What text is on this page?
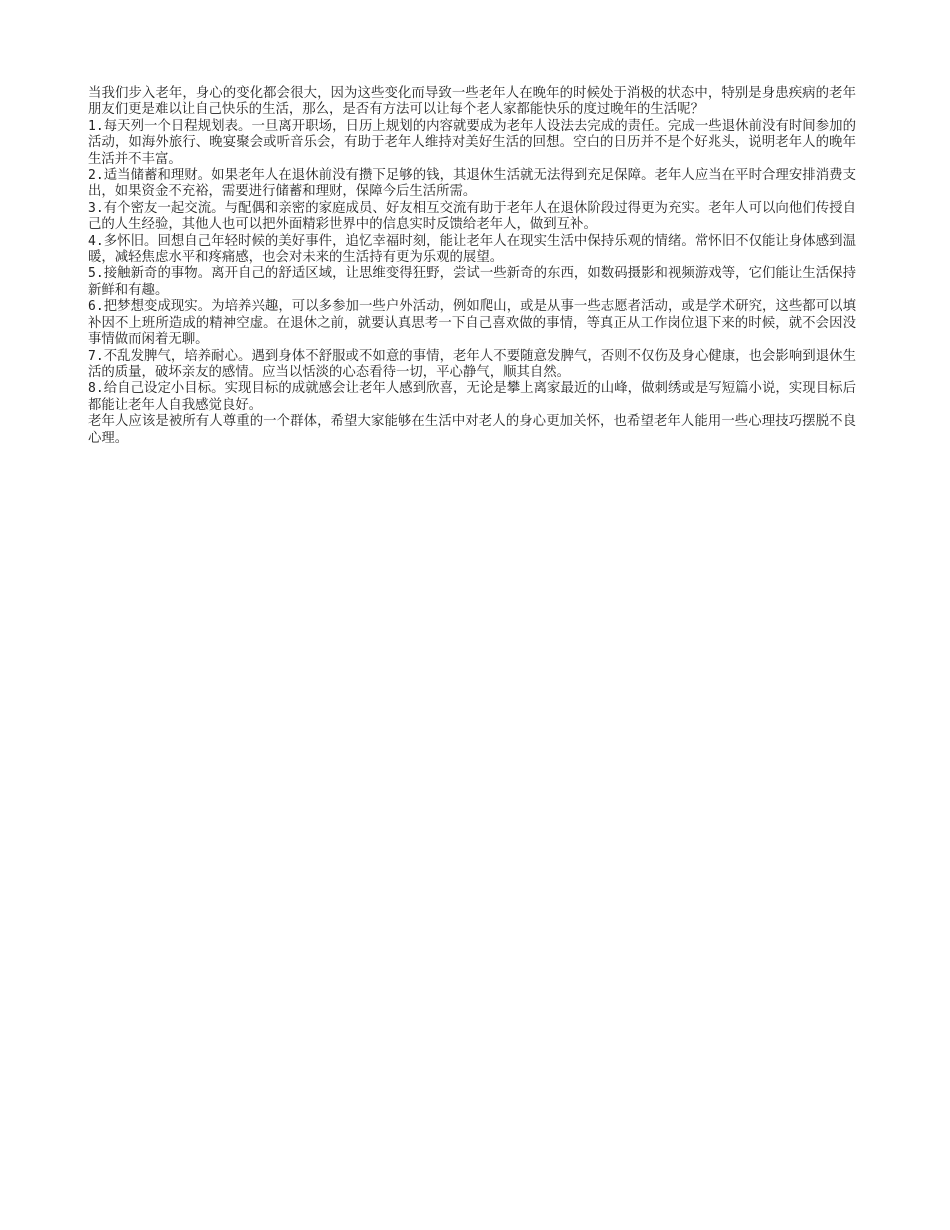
当我们步入老年，身心的变化都会很大，因为这些变化而导致一些老年人在晚年的时候处于消极的状态中，特别是身患疾病的老年朋友们更是难以让自己快乐的生活，那么，是否有方法可以让每个老人家都能快乐的度过晚年的生活呢？

1.每天列一个日程规划表。一旦离开职场，日历上规划的内容就要成为老年人设法去完成的责任。完成一些退休前没有时间参加的活动，如海外旅行、晚宴聚会或听音乐会，有助于老年人维持对美好生活的回想。空白的日历并不是个好兆头，说明老年人的晚年生活并不丰富。

2.适当储蓄和理财。如果老年人在退休前没有攒下足够的钱，其退休生活就无法得到充足保障。老年人应当在平时合理安排消费支出，如果资金不充裕，需要进行储蓄和理财，保障今后生活所需。

3.有个密友一起交流。与配偶和亲密的家庭成员、好友相互交流有助于老年人在退休阶段过得更为充实。老年人可以向他们传授自己的人生经验，其他人也可以把外面精彩世界中的信息实时反馈给老年人，做到互补。

4.多怀旧。回想自己年轻时候的美好事件，追忆幸福时刻，能让老年人在现实生活中保持乐观的情绪。常怀旧不仅能让身体感到温暖，减轻焦虑水平和疼痛感，也会对未来的生活持有更为乐观的展望。

5.接触新奇的事物。离开自己的舒适区域，让思维变得狂野，尝试一些新奇的东西，如数码摄影和视频游戏等，它们能让生活保持新鲜和有趣。

6.把梦想变成现实。为培养兴趣，可以多参加一些户外活动，例如爬山，或是从事一些志愿者活动，或是学术研究，这些都可以填补因不上班所造成的精神空虚。在退休之前，就要认真思考一下自己喜欢做的事情，等真正从工作岗位退下来的时候，就不会因没事情做而闲着无聊。

7.不乱发脾气，培养耐心。遇到身体不舒服或不如意的事情，老年人不要随意发脾气，否则不仅伤及身心健康，也会影响到退休生活的质量，破坏亲友的感情。应当以恬淡的心态看待一切，平心静气，顺其自然。

8.给自己设定小目标。实现目标的成就感会让老年人感到欣喜，无论是攀上离家最近的山峰，做刺绣或是写短篇小说，实现目标后都能让老年人自我感觉良好。

老年人应该是被所有人尊重的一个群体，希望大家能够在生活中对老人的身心更加关怀，也希望老年人能用一些心理技巧摆脱不良心理。
